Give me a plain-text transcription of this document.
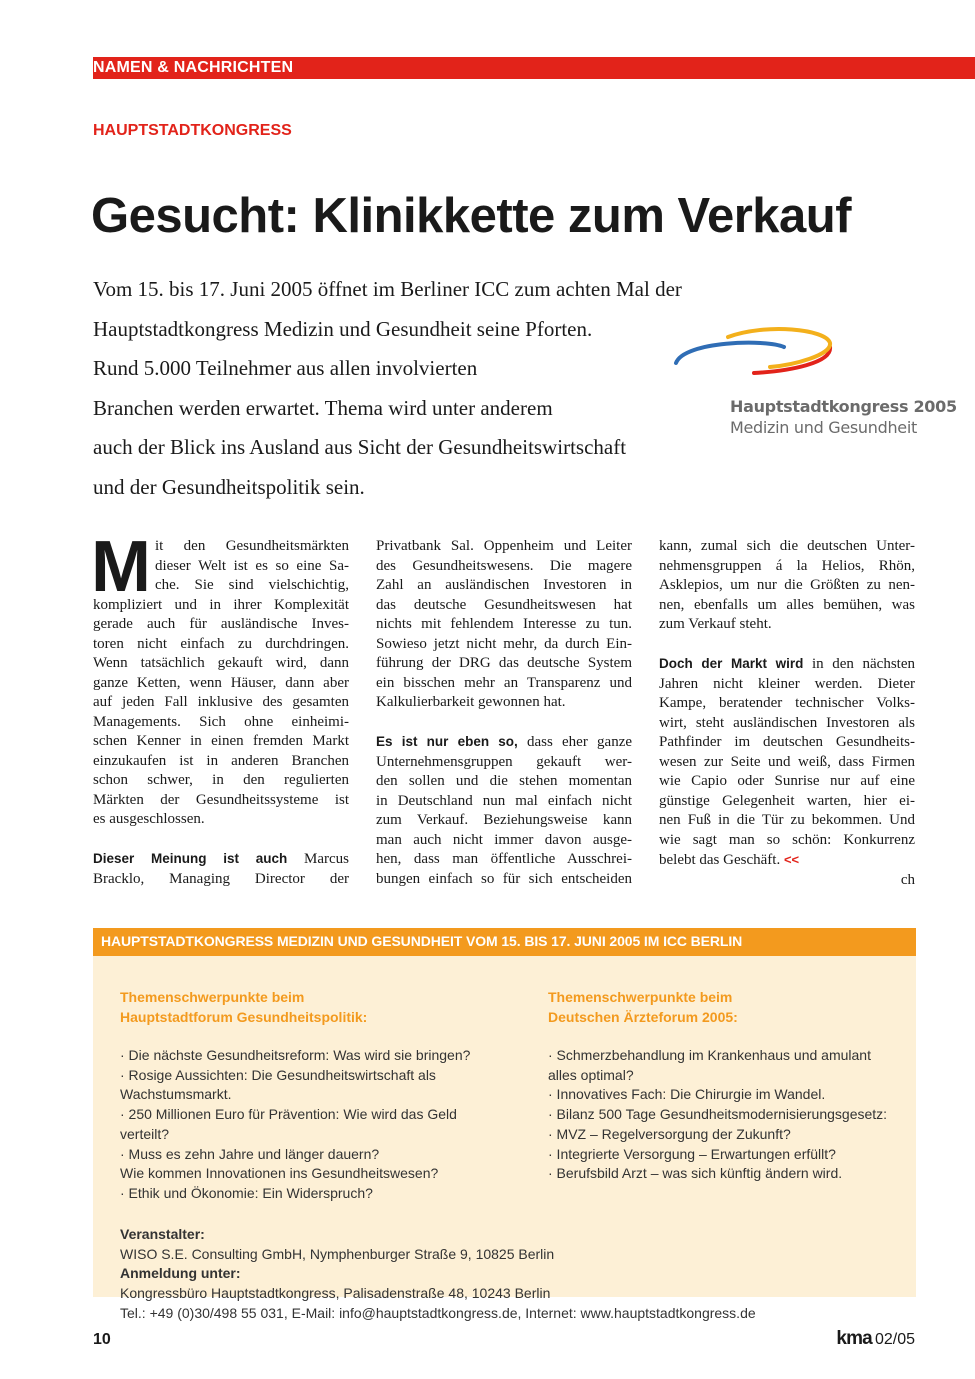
NAMEN & NACHRICHTEN
HAUPTSTADTKONGRESS
Gesucht: Klinikkette zum Verkauf

Vom 15. bis 17. Juni 2005 öffnet im Berliner ICC zum achten Mal der

Hauptstadtkongress Medizin und Gesundheit seine Pforten.

Rund 5.000 Teilnehmer aus allen involvierten

Branchen werden erwartet. Thema wird unter anderem

auch der Blick ins Ausland aus Sicht der Gesundheitswirtschaft

und der Gesundheitspolitik sein.

Hauptstadtkongress 2005
Medizin und Gesundheit
M it den Gesundheitsmärkten
dieser Welt ist es so eine Sa-
che. Sie sind vielschichtig,
kompliziert und in ihrer Komplexität
gerade auch für ausländische Inves-
toren nicht einfach zu durchdringen.
Wenn tatsächlich gekauft wird, dann
ganze Ketten, wenn Häuser, dann aber
auf jeden Fall inklusive des gesamten
Managements. Sich ohne einheimi-
schen Kenner in einen fremden Markt
einzukaufen ist in anderen Branchen
schon schwer, in den regulierten
Märkten der Gesundheitssysteme ist
es ausgeschlossen.
Dieser Meinung ist auch Marcus
Bracklo, Managing Director der
Privatbank Sal. Oppenheim und Leiter
des Gesundheitswesens. Die magere
Zahl an ausländischen Investoren in
das deutsche Gesundheitswesen hat
nichts mit fehlendem Interesse zu tun.
Sowieso jetzt nicht mehr, da durch Ein-
führung der DRG das deutsche System
ein bisschen mehr an Transparenz und
Kalkulierbarkeit gewonnen hat.
Es ist nur eben so, dass eher ganze
Unternehmensgruppen gekauft wer-
den sollen und die stehen momentan
in Deutschland nun mal einfach nicht
zum Verkauf. Beziehungsweise kann
man auch nicht immer davon ausge-
hen, dass man öffentliche Ausschrei-
bungen einfach so für sich entscheiden
kann, zumal sich die deutschen Unter-
nehmensgruppen á la Helios, Rhön,
Asklepios, um nur die Größten zu nen-
nen, ebenfalls um alles bemühen, was
zum Verkauf steht.
Doch der Markt wird in den nächsten
Jahren nicht kleiner werden. Dieter
Kampe, beratender technischer Volks-
wirt, steht ausländischen Investoren als
Pathfinder im deutschen Gesundheits-
wesen zur Seite und weiß, dass Firmen
wie Capio oder Sunrise nur auf eine
günstige Gelegenheit warten, hier ei-
nen Fuß in die Tür zu bekommen. Und
wie sagt man so schön: Konkurrenz
belebt das Geschäft. <<
ch
HAUPTSTADTKONGRESS MEDIZIN UND GESUNDHEIT VOM 15. BIS 17. JUNI 2005 IM ICC BERLIN
Themenschwerpunkte beim
Hauptstadtforum Gesundheitspolitik:
· Die nächste Gesundheitsreform: Was wird sie bringen?
· Rosige Aussichten: Die Gesundheitswirtschaft als
Wachstumsmarkt.
· 250 Millionen Euro für Prävention: Wie wird das Geld
verteilt?
· Muss es zehn Jahre und länger dauern?
Wie kommen Innovationen ins Gesundheitswesen?
· Ethik und Ökonomie: Ein Widerspruch?
Themenschwerpunkte beim
Deutschen Ärzteforum 2005:
· Schmerzbehandlung im Krankenhaus und amulant
alles optimal?
· Innovatives Fach: Die Chirurgie im Wandel.
· Bilanz 500 Tage Gesundheitsmodernisierungsgesetz:
· MVZ – Regelversorgung der Zukunft?
· Integrierte Versorgung – Erwartungen erfüllt?
· Berufsbild Arzt – was sich künftig ändern wird.
Veranstalter:
WISO S.E. Consulting GmbH, Nymphenburger Straße 9, 10825 Berlin
Anmeldung unter:
Kongressbüro Hauptstadtkongress, Palisadenstraße 48, 10243 Berlin
Tel.: +49 (0)30/498 55 031, E-Mail: info@hauptstadtkongress.de, Internet: www.hauptstadtkongress.de
10	kma 02/05
